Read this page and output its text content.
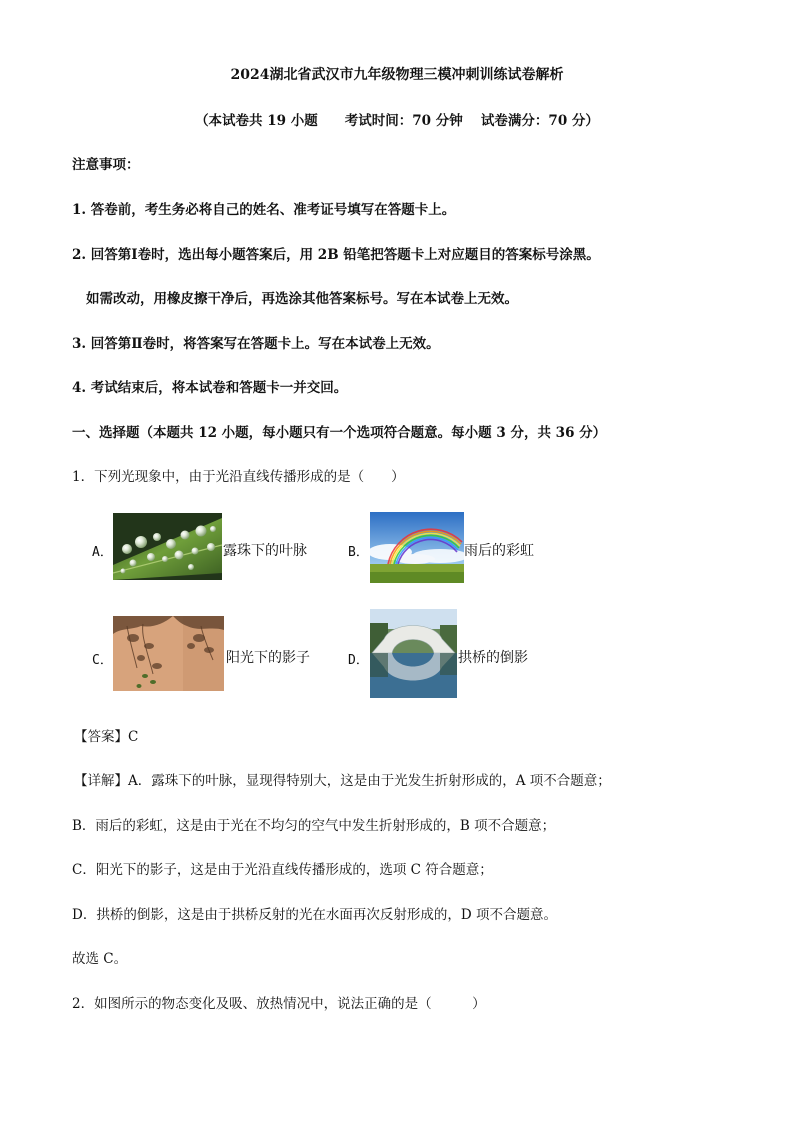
2024湖北省武汉市九年级物理三模冲刺训练试卷解析
（本试卷共 19 小题　　考试时间：70 分钟　 试卷满分：70 分）
注意事项：
1. 答卷前，考生务必将自己的姓名、准考证号填写在答题卡上。
2. 回答第Ⅰ卷时，选出每小题答案后，用 2B 铅笔把答题卡上对应题目的答案标号涂黑。
如需改动，用橡皮擦干净后，再选涂其他答案标号。写在本试卷上无效。
3. 回答第Ⅱ卷时，将答案写在答题卡上。写在本试卷上无效。
4. 考试结束后，将本试卷和答题卡一并交回。
一、选择题（本题共 12 小题，每小题只有一个选项符合题意。每小题 3 分，共 36 分）
1．下列光现象中，由于光沿直线传播形成的是（　　）
A．	露珠下的叶脉	B．	雨后的彩虹
C．	阳光下的影子	D．	拱桥的倒影
【答案】C
【详解】A．露珠下的叶脉，显现得特别大，这是由于光发生折射形成的，A 项不合题意；
B．雨后的彩虹，这是由于光在不均匀的空气中发生折射形成的，B 项不合题意；
C．阳光下的影子，这是由于光沿直线传播形成的，选项 C 符合题意；
D．拱桥的倒影，这是由于拱桥反射的光在水面再次反射形成的，D 项不合题意。
故选 C。
2．如图所示的物态变化及吸、放热情况中，说法正确的是（　　　）
